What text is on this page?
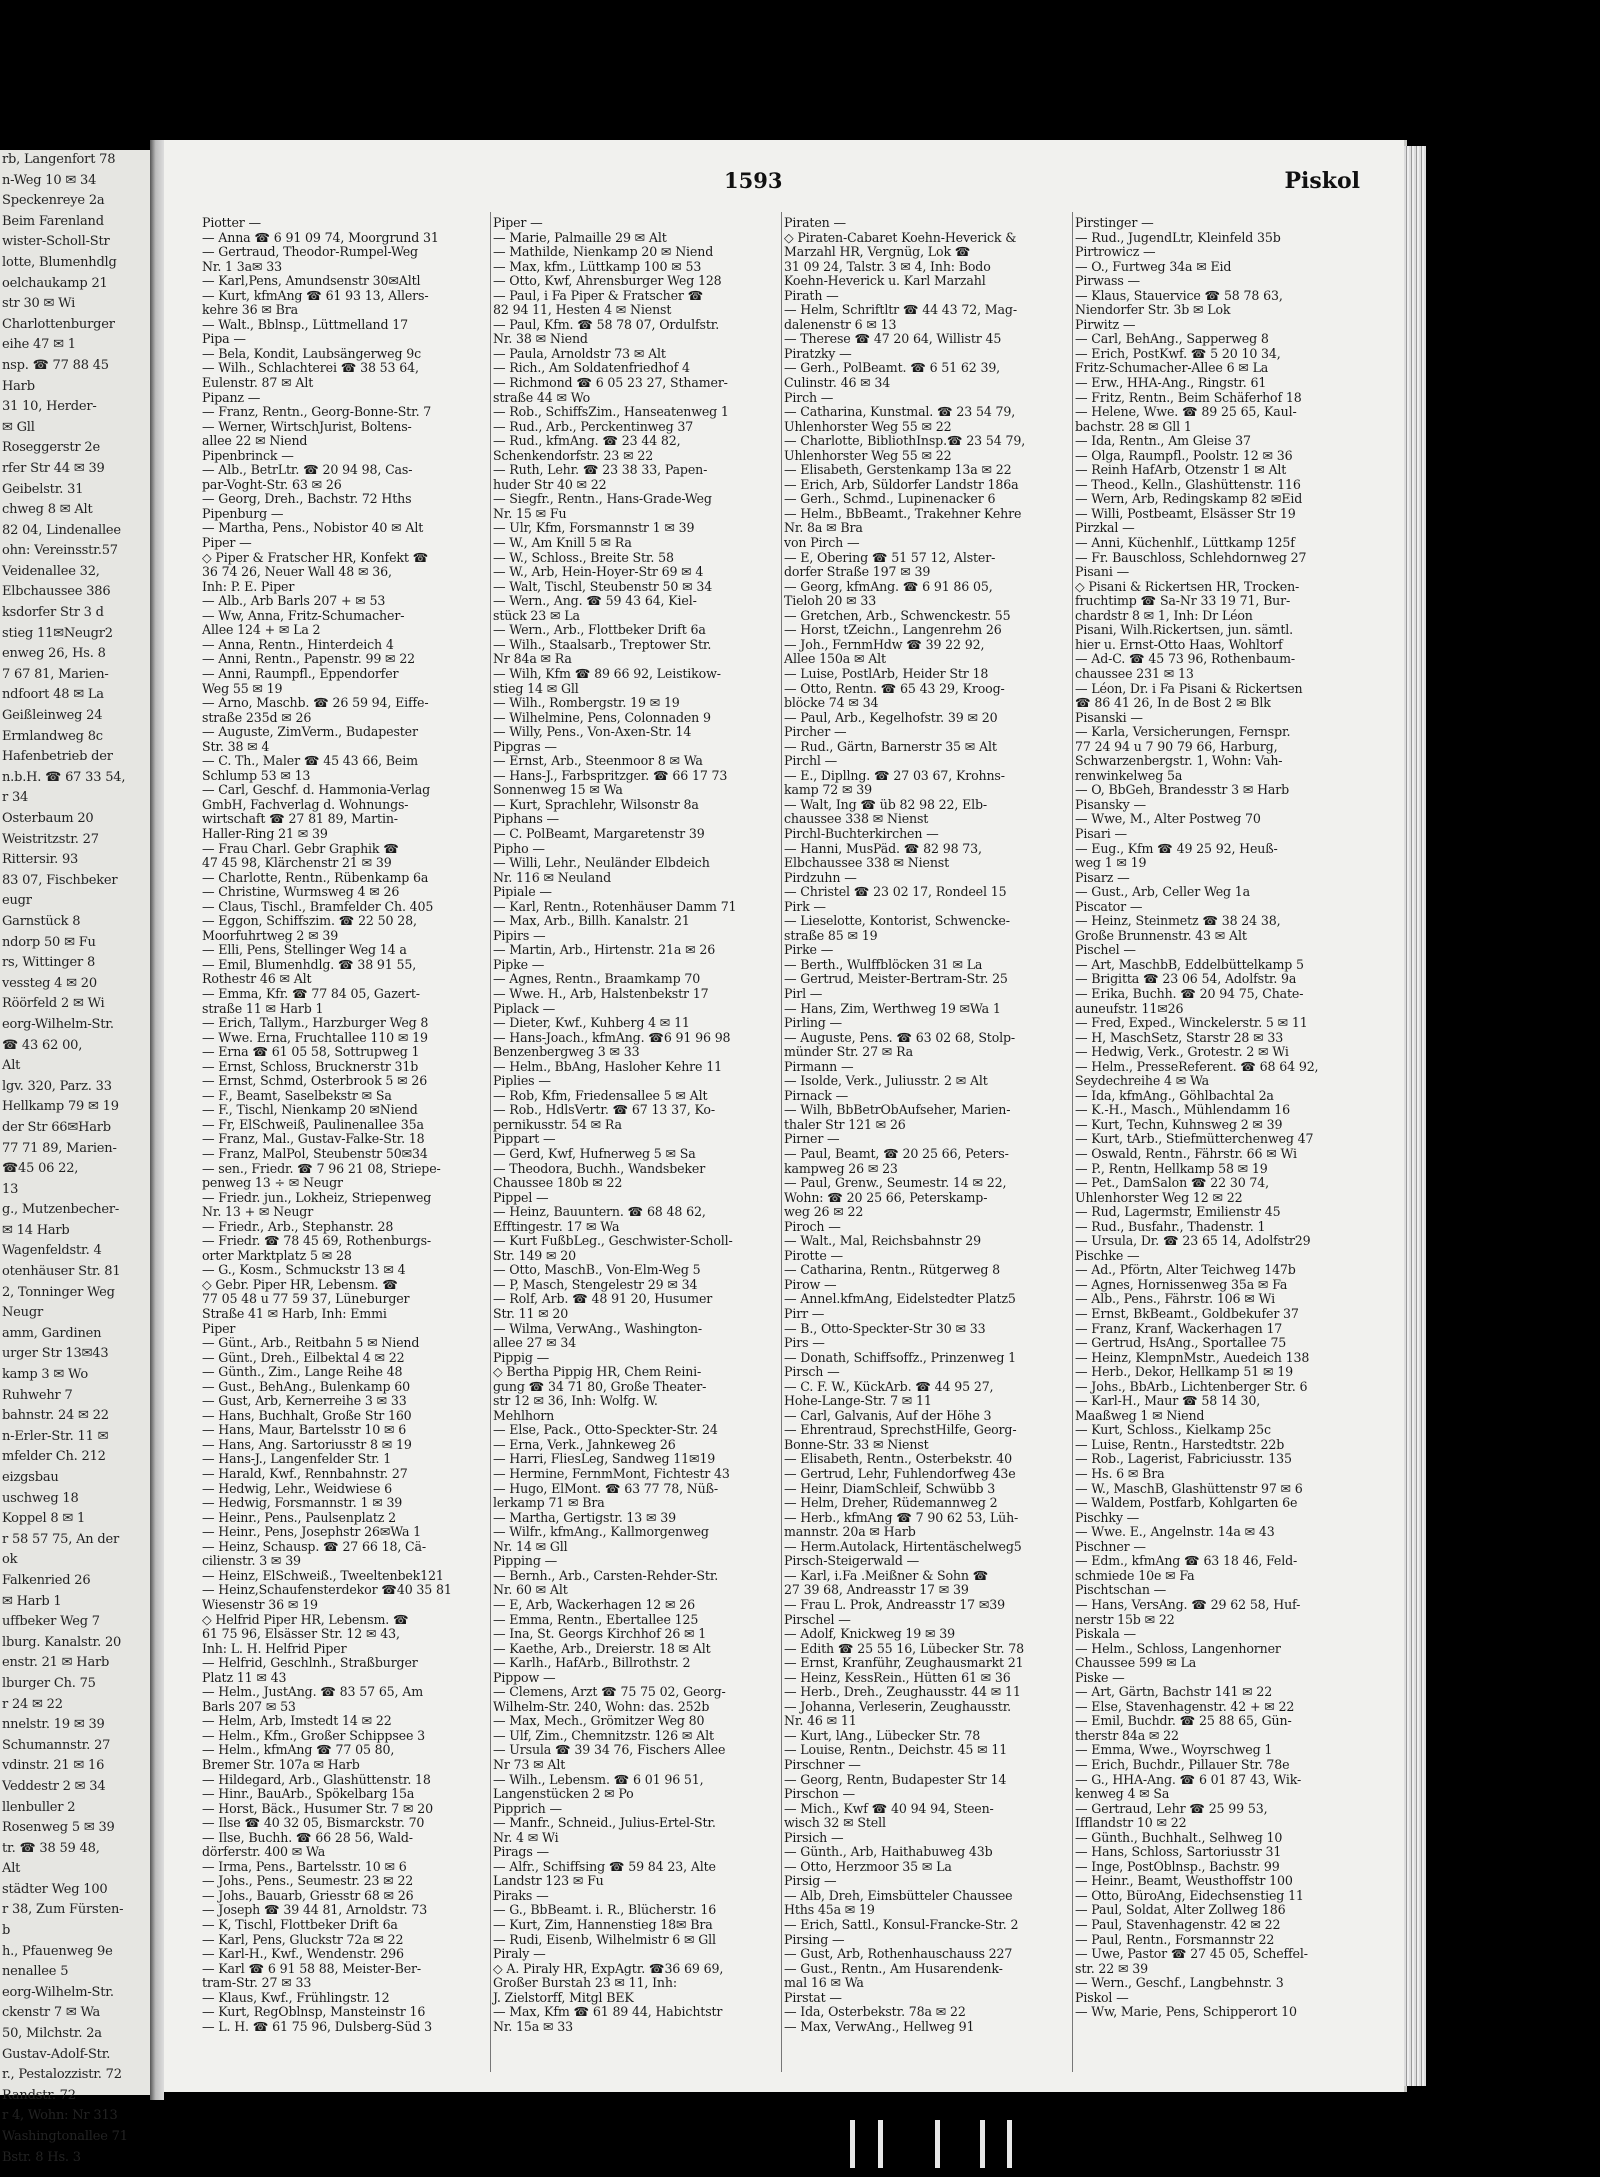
rb, Langenfort 78
n-Weg 10 ✉ 34
Speckenreye 2a
Beim Farenland
wister-Scholl-Str
lotte, Blumenhdlg
oelchaukamp 21
str 30 ✉ Wi
Charlottenburger
eihe 47 ✉ 1
nsp. ☎ 77 88 45
Harb
31 10, Herder-
✉ Gll
Roseggerstr 2e
rfer Str 44 ✉ 39
Geibelstr. 31
chweg 8 ✉ Alt
82 04, Lindenallee
ohn: Vereinsstr.57
Veidenallee 32,
Elbchaussee 386
ksdorfer Str 3 d
stieg 11✉Neugr2
enweg 26, Hs. 8
7 67 81, Marien-
ndfoort 48 ✉ La
Geißleinweg 24
Ermlandweg 8c
Hafenbetrieb der
n.b.H. ☎ 67 33 54,
r 34
Osterbaum 20
Weistritzstr. 27
Rittersir. 93
83 07, Fischbeker
eugr
Garnstück 8
ndorp 50 ✉ Fu
rs, Wittinger 8
vessteg 4 ✉ 20
Röörfeld 2 ✉ Wi
eorg-Wilhelm-Str.
☎ 43 62 00,
Alt
lgv. 320, Parz. 33
Hellkamp 79 ✉ 19
der Str 66✉Harb
77 71 89, Marien-
☎45 06 22,
13
g., Mutzenbecher-
✉ 14 Harb
Wagenfeldstr. 4
otenhäuser Str. 81
2, Tonninger Weg
Neugr
amm, Gardinen
urger Str 13✉43
kamp 3 ✉ Wo
Ruhwehr 7
bahnstr. 24 ✉ 22
n-Erler-Str. 11 ✉
mfelder Ch. 212
eizgsbau
uschweg 18
Koppel 8 ✉ 1
r 58 57 75, An der
ok
Falkenried 26
✉ Harb 1
uffbeker Weg 7
lburg. Kanalstr. 20
enstr. 21 ✉ Harb
lburger Ch. 75
r 24 ✉ 22
nnelstr. 19 ✉ 39
Schumannstr. 27
vdinstr. 21 ✉ 16
Veddestr 2 ✉ 34
llenbuller 2
Rosenweg 5 ✉ 39
tr. ☎ 38 59 48,
Alt
städter Weg 100
r 38, Zum Fürsten-
b
h., Pfauenweg 9e
nenallee 5
eorg-Wilhelm-Str.
ckenstr 7 ✉ Wa
50, Milchstr. 2a
Gustav-Adolf-Str.
r., Pestalozzistr. 72
Randstr. 72
r 4, Wohn: Nr 313
Washingtonallee 71
Bstr. 8 Hs. 3
1593	Piskol
Piotter —
— Anna ☎ 6 91 09 74, Moorgrund 31
— Gertraud, Theodor-Rumpel-Weg
Nr. 1 3a✉ 33
— Karl,Pens, Amundsenstr 30✉Altl
— Kurt, kfmAng ☎ 61 93 13, Allers-
kehre 36 ✉ Bra
— Walt., Bblnsp., Lüttmelland 17
Pipa —
— Bela, Kondit, Laubsängerweg 9c
— Wilh., Schlachterei ☎ 38 53 64,
Eulenstr. 87 ✉ Alt
Pipanz —
— Franz, Rentn., Georg-Bonne-Str. 7
— Werner, WirtschJurist, Boltens-
allee 22 ✉ Niend
Pipenbrinck —
— Alb., BetrLtr. ☎ 20 94 98, Cas-
par-Voght-Str. 63 ✉ 26
— Georg, Dreh., Bachstr. 72 Hths
Pipenburg —
— Martha, Pens., Nobistor 40 ✉ Alt
Piper —
◇ Piper & Fratscher HR, Konfekt ☎
36 74 26, Neuer Wall 48 ✉ 36,
Inh: P. E. Piper
— Alb., Arb Barls 207 + ✉ 53
— Ww, Anna, Fritz-Schumacher-
Allee 124 + ✉ La 2
— Anna, Rentn., Hinterdeich 4
— Anni, Rentn., Papenstr. 99 ✉ 22
— Anni, Raumpfl., Eppendorfer
Weg 55 ✉ 19
— Arno, Maschb. ☎ 26 59 94, Eiffe-
straße 235d ✉ 26
— Auguste, ZimVerm., Budapester
Str. 38 ✉ 4
— C. Th., Maler ☎ 45 43 66, Beim
Schlump 53 ✉ 13
— Carl, Geschf. d. Hammonia-Verlag
GmbH, Fachverlag d. Wohnungs-
wirtschaft ☎ 27 81 89, Martin-
Haller-Ring 21 ✉ 39
— Frau Charl. Gebr Graphik ☎
47 45 98, Klärchenstr 21 ✉ 39
— Charlotte, Rentn., Rübenkamp 6a
— Christine, Wurmsweg 4 ✉ 26
— Claus, Tischl., Bramfelder Ch. 405
— Eggon, Schiffszim. ☎ 22 50 28,
Moorfuhrtweg 2 ✉ 39
— Elli, Pens, Stellinger Weg 14 a
— Emil, Blumenhdlg. ☎ 38 91 55,
Rothestr 46 ✉ Alt
— Emma, Kfr. ☎ 77 84 05, Gazert-
straße 11 ✉ Harb 1
— Erich, Tallym., Harzburger Weg 8
— Wwe. Erna, Fruchtallee 110 ✉ 19
— Erna ☎ 61 05 58, Sottrupweg 1
— Ernst, Schloss, Brucknerstr 31b
— Ernst, Schmd, Osterbrook 5 ✉ 26
— F., Beamt, Saselbekstr ✉ Sa
— F., Tischl, Nienkamp 20 ✉Niend
— Fr, ElSchweiß, Paulinenallee 35a
— Franz, Mal., Gustav-Falke-Str. 18
— Franz, MalPol, Steubenstr 50✉34
— sen., Friedr. ☎ 7 96 21 08, Striepe-
penweg 13 ÷ ✉ Neugr
— Friedr. jun., Lokheiz, Striepenweg
Nr. 13 + ✉ Neugr
— Friedr., Arb., Stephanstr. 28
— Friedr. ☎ 78 45 69, Rothenburgs-
orter Marktplatz 5 ✉ 28
— G., Kosm., Schmuckstr 13 ✉ 4
◇ Gebr. Piper HR, Lebensm. ☎
77 05 48 u 77 59 37, Lüneburger
Straße 41 ✉ Harb, Inh: Emmi
Piper
— Günt., Arb., Reitbahn 5 ✉ Niend
— Günt., Dreh., Eilbektal 4 ✉ 22
— Günth., Zim., Lange Reihe 48
— Gust., BehAng., Bulenkamp 60
— Gust, Arb, Kernerreihe 3 ✉ 33
— Hans, Buchhalt, Große Str 160
— Hans, Maur, Bartelsstr 10 ✉ 6
— Hans, Ang. Sartoriusstr 8 ✉ 19
— Hans-J., Langenfelder Str. 1
— Harald, Kwf., Rennbahnstr. 27
— Hedwig, Lehr., Weidwiese 6
— Hedwig, Forsmannstr. 1 ✉ 39
— Heinr., Pens., Paulsenplatz 2
— Heinr., Pens, Josephstr 26✉Wa 1
— Heinz, Schausp. ☎ 27 66 18, Cä-
cilienstr. 3 ✉ 39
— Heinz, ElSchweiß., Tweeltenbek121
— Heinz,Schaufensterdekor ☎40 35 81
Wiesenstr 36 ✉ 19
◇ Helfrid Piper HR, Lebensm. ☎
61 75 96, Elsässer Str. 12 ✉ 43,
Inh: L. H. Helfrid Piper
— Helfrid, Geschlnh., Straßburger
Platz 11 ✉ 43
— Helm., JustAng. ☎ 83 57 65, Am
Barls 207 ✉ 53
— Helm, Arb, Imstedt 14 ✉ 22
— Helm., Kfm., Großer Schippsee 3
— Helm., kfmAng ☎ 77 05 80,
Bremer Str. 107a ✉ Harb
— Hildegard, Arb., Glashüttenstr. 18
— Hinr., BauArb., Spökelbarg 15a
— Horst, Bäck., Husumer Str. 7 ✉ 20
— Ilse ☎ 40 32 05, Bismarckstr. 70
— Ilse, Buchh. ☎ 66 28 56, Wald-
dörferstr. 400 ✉ Wa
— Irma, Pens., Bartelsstr. 10 ✉ 6
— Johs., Pens., Seumestr. 23 ✉ 22
— Johs., Bauarb, Griesstr 68 ✉ 26
— Joseph ☎ 39 44 81, Arnoldstr. 73
— K, Tischl, Flottbeker Drift 6a
— Karl, Pens, Gluckstr 72a ✉ 22
— Karl-H., Kwf., Wendenstr. 296
— Karl ☎ 6 91 58 88, Meister-Ber-
tram-Str. 27 ✉ 33
— Klaus, Kwf., Frühlingstr. 12
— Kurt, RegOblnsp, Mansteinstr 16
— L. H. ☎ 61 75 96, Dulsberg-Süd 3
Piper —
— Marie, Palmaille 29 ✉ Alt
— Mathilde, Nienkamp 20 ✉ Niend
— Max, kfm., Lüttkamp 100 ✉ 53
— Otto, Kwf, Ahrensburger Weg 128
— Paul, i Fa Piper & Fratscher ☎
82 94 11, Hesten 4 ✉ Nienst
— Paul, Kfm. ☎ 58 78 07, Ordulfstr.
Nr. 38 ✉ Niend
— Paula, Arnoldstr 73 ✉ Alt
— Rich., Am Soldatenfriedhof 4
— Richmond ☎ 6 05 23 27, Sthamer-
straße 44 ✉ Wo
— Rob., SchiffsZim., Hanseatenweg 1
— Rud., Arb., Perckentinweg 37
— Rud., kfmAng. ☎ 23 44 82,
Schenkendorfstr. 23 ✉ 22
— Ruth, Lehr. ☎ 23 38 33, Papen-
huder Str 40 ✉ 22
— Siegfr., Rentn., Hans-Grade-Weg
Nr. 15 ✉ Fu
— Ulr, Kfm, Forsmannstr 1 ✉ 39
— W., Am Knill 5 ✉ Ra
— W., Schloss., Breite Str. 58
— W., Arb, Hein-Hoyer-Str 69 ✉ 4
— Walt, Tischl, Steubenstr 50 ✉ 34
— Wern., Ang. ☎ 59 43 64, Kiel-
stück 23 ✉ La
— Wern., Arb., Flottbeker Drift 6a
— Wilh., Staalsarb., Treptower Str.
Nr 84a ✉ Ra
— Wilh, Kfm ☎ 89 66 92, Leistikow-
stieg 14 ✉ Gll
— Wilh., Rombergstr. 19 ✉ 19
— Wilhelmine, Pens, Colonnaden 9
— Willy, Pens., Von-Axen-Str. 14
Pipgras —
— Ernst, Arb., Steenmoor 8 ✉ Wa
— Hans-J., Farbspritzger. ☎ 66 17 73
Sonnenweg 15 ✉ Wa
— Kurt, Sprachlehr, Wilsonstr 8a
Piphans —
— C. PolBeamt, Margaretenstr 39
Pipho —
— Willi, Lehr., Neuländer Elbdeich
Nr. 116 ✉ Neuland
Pipiale —
— Karl, Rentn., Rotenhäuser Damm 71
— Max, Arb., Billh. Kanalstr. 21
Pipirs —
— Martin, Arb., Hirtenstr. 21a ✉ 26
Pipke —
— Agnes, Rentn., Braamkamp 70
— Wwe. H., Arb, Halstenbekstr 17
Piplack —
— Dieter, Kwf., Kuhberg 4 ✉ 11
— Hans-Joach., kfmAng. ☎6 91 96 98
Benzenbergweg 3 ✉ 33
— Helm., BbAng, Hasloher Kehre 11
Piplies —
— Rob, Kfm, Friedensallee 5 ✉ Alt
— Rob., HdlsVertr. ☎ 67 13 37, Ko-
pernikusstr. 54 ✉ Ra
Pippart —
— Gerd, Kwf, Hufnerweg 5 ✉ Sa
— Theodora, Buchh., Wandsbeker
Chaussee 180b ✉ 22
Pippel —
— Heinz, Bauuntern. ☎ 68 48 62,
Efftingestr. 17 ✉ Wa
— Kurt FußbLeg., Geschwister-Scholl-
Str. 149 ✉ 20
— Otto, MaschB., Von-Elm-Weg 5
— P, Masch, Stengelestr 29 ✉ 34
— Rolf, Arb. ☎ 48 91 20, Husumer
Str. 11 ✉ 20
— Wilma, VerwAng., Washington-
allee 27 ✉ 34
Pippig —
◇ Bertha Pippig HR, Chem Reini-
gung ☎ 34 71 80, Große Theater-
str 12 ✉ 36, Inh: Wolfg. W.
Mehlhorn
— Else, Pack., Otto-Speckter-Str. 24
— Erna, Verk., Jahnkeweg 26
— Harri, FliesLeg, Sandweg 11✉19
— Hermine, FernmMont, Fichtestr 43
— Hugo, ElMont. ☎ 63 77 78, Nüß-
lerkamp 71 ✉ Bra
— Martha, Gertigstr. 13 ✉ 39
— Wilfr., kfmAng., Kallmorgenweg
Nr. 14 ✉ Gll
Pipping —
— Bernh., Arb., Carsten-Rehder-Str.
Nr. 60 ✉ Alt
— E, Arb, Wackerhagen 12 ✉ 26
— Emma, Rentn., Ebertallee 125
— Ina, St. Georgs Kirchhof 26 ✉ 1
— Kaethe, Arb., Dreierstr. 18 ✉ Alt
— Karlh., HafArb., Billrothstr. 2
Pippow —
— Clemens, Arzt ☎ 75 75 02, Georg-
Wilhelm-Str. 240, Wohn: das. 252b
— Max, Mech., Grömitzer Weg 80
— Ulf, Zim., Chemnitzstr. 126 ✉ Alt
— Ursula ☎ 39 34 76, Fischers Allee
Nr 73 ✉ Alt
— Wilh., Lebensm. ☎ 6 01 96 51,
Langenstücken 2 ✉ Po
Pipprich —
— Manfr., Schneid., Julius-Ertel-Str.
Nr. 4 ✉ Wi
Pirags —
— Alfr., Schiffsing ☎ 59 84 23, Alte
Landstr 123 ✉ Fu
Piraks —
— G., BbBeamt. i. R., Blücherstr. 16
— Kurt, Zim, Hannenstieg 18✉ Bra
— Rudi, Eisenb, Wilhelmistr 6 ✉ Gll
Piraly —
◇ A. Piraly HR, ExpAgtr. ☎36 69 69,
Großer Burstah 23 ✉ 11, Inh:
J. Zielstorff, Mitgl BEK
— Max, Kfm ☎ 61 89 44, Habichtstr
Nr. 15a ✉ 33
Piraten —
◇ Piraten-Cabaret Koehn-Heverick &
Marzahl HR, Vergnüg, Lok ☎
31 09 24, Talstr. 3 ✉ 4, Inh: Bodo
Koehn-Heverick u. Karl Marzahl
Pirath —
— Helm, Schriftltr ☎ 44 43 72, Mag-
dalenenstr 6 ✉ 13
— Therese ☎ 47 20 64, Willistr 45
Piratzky —
— Gerh., PolBeamt. ☎ 6 51 62 39,
Culinstr. 46 ✉ 34
Pirch —
— Catharina, Kunstmal. ☎ 23 54 79,
Uhlenhorster Weg 55 ✉ 22
— Charlotte, BibliothInsp.☎ 23 54 79,
Uhlenhorster Weg 55 ✉ 22
— Elisabeth, Gerstenkamp 13a ✉ 22
— Erich, Arb, Süldorfer Landstr 186a
— Gerh., Schmd., Lupinenacker 6
— Helm., BbBeamt., Trakehner Kehre
Nr. 8a ✉ Bra
von Pirch —
— E, Obering ☎ 51 57 12, Alster-
dorfer Straße 197 ✉ 39
— Georg, kfmAng. ☎ 6 91 86 05,
Tieloh 20 ✉ 33
— Gretchen, Arb., Schwenckestr. 55
— Horst, tZeichn., Langenrehm 26
— Joh., FernmHdw ☎ 39 22 92,
Allee 150a ✉ Alt
— Luise, PostlArb, Heider Str 18
— Otto, Rentn. ☎ 65 43 29, Kroog-
blöcke 74 ✉ 34
— Paul, Arb., Kegelhofstr. 39 ✉ 20
Pircher —
— Rud., Gärtn, Barnerstr 35 ✉ Alt
Pirchl —
— E., Dipllng. ☎ 27 03 67, Krohns-
kamp 72 ✉ 39
— Walt, Ing ☎ üb 82 98 22, Elb-
chaussee 338 ✉ Nienst
Pirchl-Buchterkirchen —
— Hanni, MusPäd. ☎ 82 98 73,
Elbchaussee 338 ✉ Nienst
Pirdzuhn —
— Christel ☎ 23 02 17, Rondeel 15
Pirk —
— Lieselotte, Kontorist, Schwencke-
straße 85 ✉ 19
Pirke —
— Berth., Wulffblöcken 31 ✉ La
— Gertrud, Meister-Bertram-Str. 25
Pirl —
— Hans, Zim, Werthweg 19 ✉Wa 1
Pirling —
— Auguste, Pens. ☎ 63 02 68, Stolp-
münder Str. 27 ✉ Ra
Pirmann —
— Isolde, Verk., Juliusstr. 2 ✉ Alt
Pirnack —
— Wilh, BbBetrObAufseher, Marien-
thaler Str 121 ✉ 26
Pirner —
— Paul, Beamt, ☎ 20 25 66, Peters-
kampweg 26 ✉ 23
— Paul, Grenw., Seumestr. 14 ✉ 22,
Wohn: ☎ 20 25 66, Peterskamp-
weg 26 ✉ 22
Piroch —
— Walt., Mal, Reichsbahnstr 29
Pirotte —
— Catharina, Rentn., Rütgerweg 8
Pirow —
— Annel.kfmAng, Eidelstedter Platz5
Pirr —
— B., Otto-Speckter-Str 30 ✉ 33
Pirs —
— Donath, Schiffsoffz., Prinzenweg 1
Pirsch —
— C. F. W., KückArb. ☎ 44 95 27,
Hohe-Lange-Str. 7 ✉ 11
— Carl, Galvanis, Auf der Höhe 3
— Ehrentraud, SprechstHilfe, Georg-
Bonne-Str. 33 ✉ Nienst
— Elisabeth, Rentn., Osterbekstr. 40
— Gertrud, Lehr, Fuhlendorfweg 43e
— Heinr, DiamSchleif, Schwübb 3
— Helm, Dreher, Rüdemannweg 2
— Herb., kfmAng ☎ 7 90 62 53, Lüh-
mannstr. 20a ✉ Harb
— Herm.Autolack, Hirtentäschelweg5
Pirsch-Steigerwald —
— Karl, i.Fa .Meißner & Sohn ☎
27 39 68, Andreasstr 17 ✉ 39
— Frau L. Prok, Andreasstr 17 ✉39
Pirschel —
— Adolf, Knickweg 19 ✉ 39
— Edith ☎ 25 55 16, Lübecker Str. 78
— Ernst, Kranführ, Zeughausmarkt 21
— Heinz, KessRein., Hütten 61 ✉ 36
— Herb., Dreh., Zeughausstr. 44 ✉ 11
— Johanna, Verleserin, Zeughausstr.
Nr. 46 ✉ 11
— Kurt, lAng., Lübecker Str. 78
— Louise, Rentn., Deichstr. 45 ✉ 11
Pirschner —
— Georg, Rentn, Budapester Str 14
Pirschon —
— Mich., Kwf ☎ 40 94 94, Steen-
wisch 32 ✉ Stell
Pirsich —
— Günth., Arb, Haithabuweg 43b
— Otto, Herzmoor 35 ✉ La
Pirsig —
— Alb, Dreh, Eimsbütteler Chaussee
Hths 45a ✉ 19
— Erich, Sattl., Konsul-Francke-Str. 2
Pirsing —
— Gust, Arb, Rothenhauschauss 227
— Gust., Rentn., Am Husarendenk-
mal 16 ✉ Wa
Pirstat —
— Ida, Osterbekstr. 78a ✉ 22
— Max, VerwAng., Hellweg 91
Pirstinger —
— Rud., JugendLtr, Kleinfeld 35b
Pirtrowicz —
— O., Furtweg 34a ✉ Eid
Pirwass —
— Klaus, Stauervice ☎ 58 78 63,
Niendorfer Str. 3b ✉ Lok
Pirwitz —
— Carl, BehAng., Sapperweg 8
— Erich, PostKwf. ☎ 5 20 10 34,
Fritz-Schumacher-Allee 6 ✉ La
— Erw., HHA-Ang., Ringstr. 61
— Fritz, Rentn., Beim Schäferhof 18
— Helene, Wwe. ☎ 89 25 65, Kaul-
bachstr. 28 ✉ Gll 1
— Ida, Rentn., Am Gleise 37
— Olga, Raumpfl., Poolstr. 12 ✉ 36
— Reinh HafArb, Otzenstr 1 ✉ Alt
— Theod., Kelln., Glashüttenstr. 116
— Wern, Arb, Redingskamp 82 ✉Eid
— Willi, Postbeamt, Elsässer Str 19
Pirzkal —
— Anni, Küchenhlf., Lüttkamp 125f
— Fr. Bauschloss, Schlehdornweg 27
Pisani —
◇ Pisani & Rickertsen HR, Trocken-
fruchtimp ☎ Sa-Nr 33 19 71, Bur-
chardstr 8 ✉ 1, Inh: Dr Léon
Pisani, Wilh.Rickertsen, jun. sämtl.
hier u. Ernst-Otto Haas, Wohltorf
— Ad-C. ☎ 45 73 96, Rothenbaum-
chaussee 231 ✉ 13
— Léon, Dr. i Fa Pisani & Rickertsen
☎ 86 41 26, In de Bost 2 ✉ Blk
Pisanski —
— Karla, Versicherungen, Fernspr.
77 24 94 u 7 90 79 66, Harburg,
Schwarzenbergstr. 1, Wohn: Vah-
renwinkelweg 5a
— O, BbGeh, Brandesstr 3 ✉ Harb
Pisansky —
— Wwe, M., Alter Postweg 70
Pisari —
— Eug., Kfm ☎ 49 25 92, Heuß-
weg 1 ✉ 19
Pisarz —
— Gust., Arb, Celler Weg 1a
Piscator —
— Heinz, Steinmetz ☎ 38 24 38,
Große Brunnenstr. 43 ✉ Alt
Pischel —
— Art, MaschbB, Eddelbüttelkamp 5
— Brigitta ☎ 23 06 54, Adolfstr. 9a
— Erika, Buchh. ☎ 20 94 75, Chate-
auneufstr. 11✉26
— Fred, Exped., Winckelerstr. 5 ✉ 11
— H, MaschSetz, Starstr 28 ✉ 33
— Hedwig, Verk., Grotestr. 2 ✉ Wi
— Helm., PresseReferent. ☎ 68 64 92,
Seydechreihe 4 ✉ Wa
— Ida, kfmAng., Göhlbachtal 2a
— K.-H., Masch., Mühlendamm 16
— Kurt, Techn, Kuhnsweg 2 ✉ 39
— Kurt, tArb., Stiefmütterchenweg 47
— Oswald, Rentn., Fährstr. 66 ✉ Wi
— P., Rentn, Hellkamp 58 ✉ 19
— Pet., DamSalon ☎ 22 30 74,
Uhlenhorster Weg 12 ✉ 22
— Rud, Lagermstr, Emilienstr 45
— Rud., Busfahr., Thadenstr. 1
— Ursula, Dr. ☎ 23 65 14, Adolfstr29
Pischke —
— Ad., Pförtn, Alter Teichweg 147b
— Agnes, Hornissenweg 35a ✉ Fa
— Alb., Pens., Fährstr. 106 ✉ Wi
— Ernst, BkBeamt., Goldbekufer 37
— Franz, Kranf, Wackerhagen 17
— Gertrud, HsAng., Sportallee 75
— Heinz, KlempnMstr., Auedeich 138
— Herb., Dekor, Hellkamp 51 ✉ 19
— Johs., BbArb., Lichtenberger Str. 6
— Karl-H., Maur ☎ 58 14 30,
Maaßweg 1 ✉ Niend
— Kurt, Schloss., Kielkamp 25c
— Luise, Rentn., Harstedtstr. 22b
— Rob., Lagerist, Fabriciusstr. 135
— Hs. 6 ✉ Bra
— W., MaschB, Glashüttenstr 97 ✉ 6
— Waldem, Postfarb, Kohlgarten 6e
Pischky —
— Wwe. E., Angelnstr. 14a ✉ 43
Pischner —
— Edm., kfmAng ☎ 63 18 46, Feld-
schmiede 10e ✉ Fa
Pischtschan —
— Hans, VersAng. ☎ 29 62 58, Huf-
nerstr 15b ✉ 22
Piskala —
— Helm., Schloss, Langenhorner
Chaussee 599 ✉ La
Piske —
— Art, Gärtn, Bachstr 141 ✉ 22
— Else, Stavenhagenstr. 42 + ✉ 22
— Emil, Buchdr. ☎ 25 88 65, Gün-
therstr 84a ✉ 22
— Emma, Wwe., Woyrschweg 1
— Erich, Buchdr., Pillauer Str. 78e
— G., HHA-Ang. ☎ 6 01 87 43, Wik-
kenweg 4 ✉ Sa
— Gertraud, Lehr ☎ 25 99 53,
Ifflandstr 10 ✉ 22
— Günth., Buchhalt., Selhweg 10
— Hans, Schloss, Sartoriusstr 31
— Inge, PostOblnsp., Bachstr. 99
— Heinr., Beamt, Weusthoffstr 100
— Otto, BüroAng, Eidechsenstieg 11
— Paul, Soldat, Alter Zollweg 186
— Paul, Stavenhagenstr. 42 ✉ 22
— Paul, Rentn., Forsmannstr 22
— Uwe, Pastor ☎ 27 45 05, Scheffel-
str. 22 ✉ 39
— Wern., Geschf., Langbehnstr. 3
Piskol —
— Ww, Marie, Pens, Schipperort 10
